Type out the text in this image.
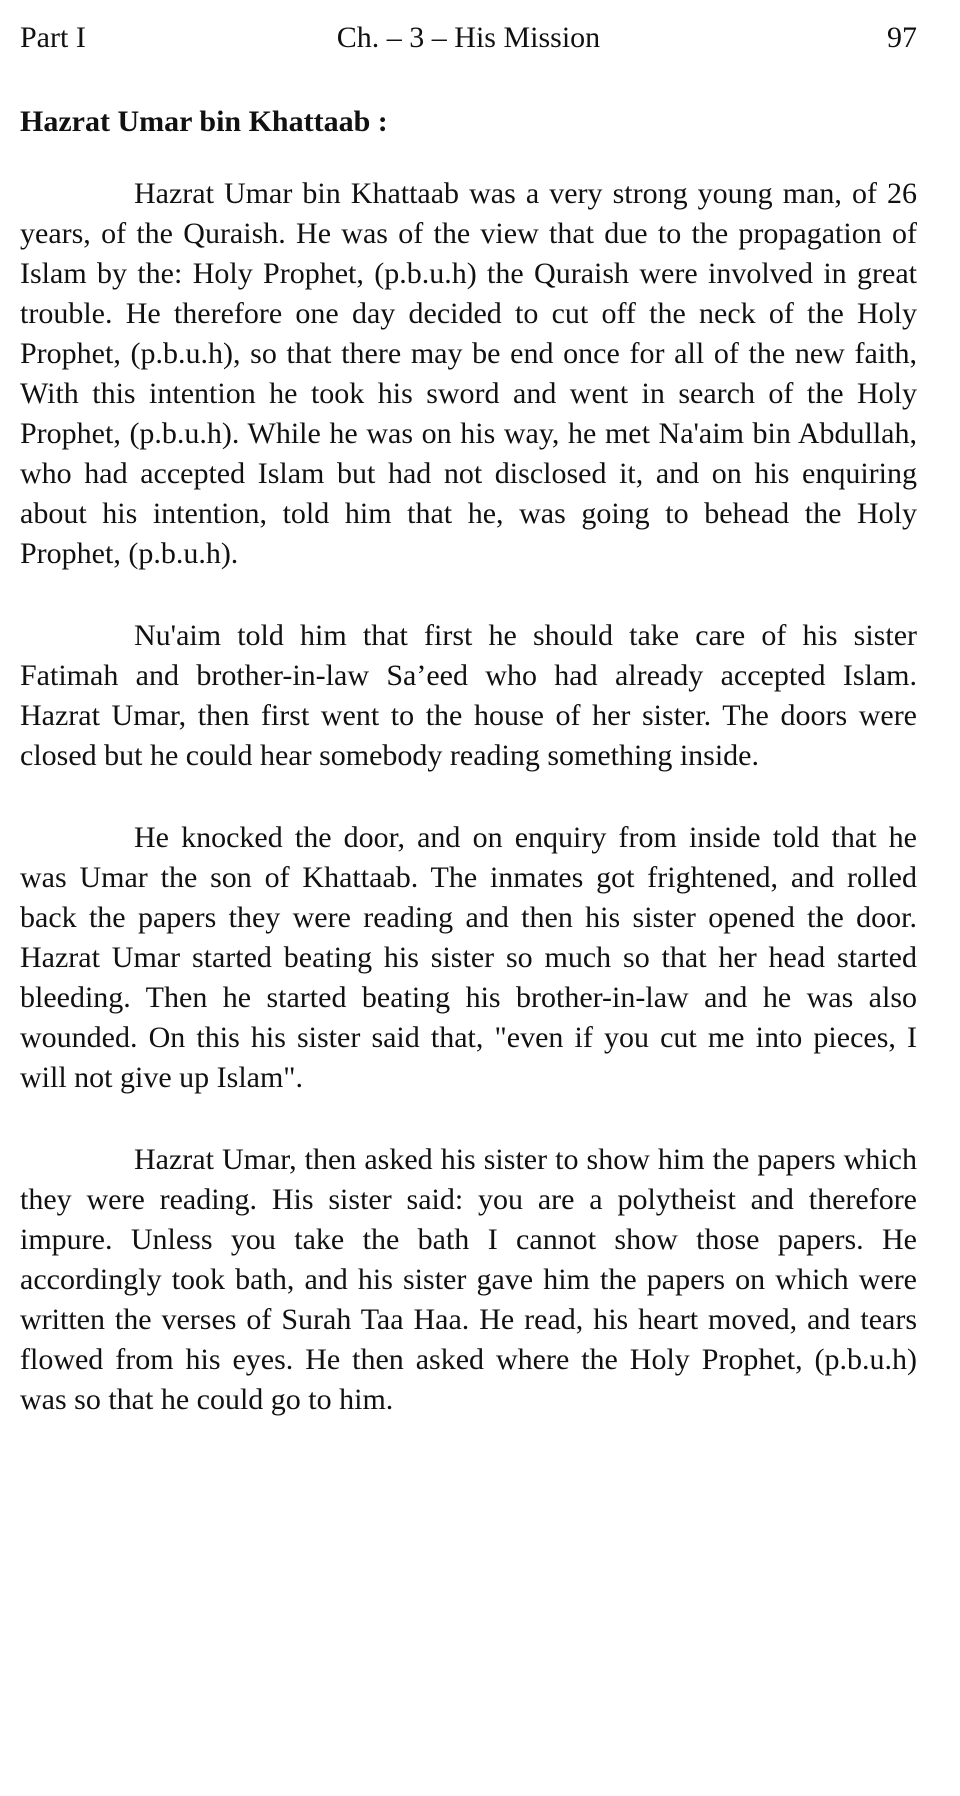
Part I	Ch. – 3 – His Mission	97
Hazrat Umar bin Khattaab :

Hazrat Umar bin Khattaab was a very strong young man, of 26 years, of the Quraish. He was of the view that due to the propagation of Islam by the: Holy Prophet, (p.b.u.h) the Quraish were involved in great trouble. He therefore one day decided to cut off the neck of the Holy Prophet, (p.b.u.h), so that there may be end once for all of the new faith, With this intention he took his sword and went in search of the Holy Prophet, (p.b.u.h). While he was on his way, he met Na'aim bin Abdullah, who had accepted Islam but had not disclosed it, and on his enquiring about his intention, told him that he, was going to behead the Holy Prophet, (p.b.u.h).

Nu'aim told him that first he should take care of his sister Fatimah and brother-in-law Sa’eed who had already accepted Islam. Hazrat Umar, then first went to the house of her sister. The doors were closed but he could hear somebody reading something inside.

He knocked the door, and on enquiry from inside told that he was Umar the son of Khattaab. The inmates got frightened, and rolled back the papers they were reading and then his sister opened the door. Hazrat Umar started beating his sister so much so that her head started bleeding. Then he started beating his brother-in-law and he was also wounded. On this his sister said that, "even if you cut me into pieces, I will not give up Islam".

Hazrat Umar, then asked his sister to show him the papers which they were reading. His sister said: you are a polytheist and therefore impure. Unless you take the bath I cannot show those papers. He accordingly took bath, and his sister gave him the papers on which were written the verses of Surah Taa Haa. He read, his heart moved, and tears flowed from his eyes. He then asked where the Holy Prophet, (p.b.u.h) was so that he could go to him.
